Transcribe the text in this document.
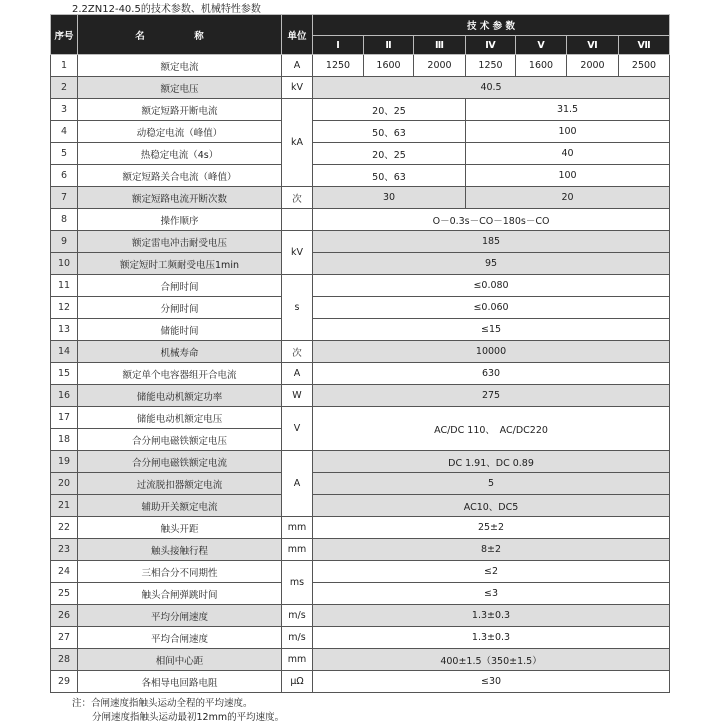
2.2ZN12-40.5的技术参数、机械特性参数
序号	名　称	单位	技 术 参 数						
			Ⅰ	Ⅱ	Ⅲ	Ⅳ	Ⅴ	Ⅵ	Ⅶ
1	额定电流	A	1250	1600	2000	1250	1600	2000	2500
2	额定电压	kV	40.5						
3	额定短路开断电流	kA	20、25			31.5			
4	动稳定电流（峰值）		50、63			100			
5	热稳定电流（4s）		20、25			40			
6	额定短路关合电流（峰值）		50、63			100			
7	额定短路电流开断次数	次	30			20			
8	操作顺序		O－0.3s－CO－180s－CO						
9	额定雷电冲击耐受电压	kV	185						
10	额定短时工频耐受电压1min		95						
11	合闸时间	s	≤0.080						
12	分闸时间		≤0.060						
13	储能时间		≤15						
14	机械寿命	次	10000						
15	额定单个电容器组开合电流	A	630						
16	储能电动机额定功率	W	275						
17	储能电动机额定电压	V	AC/DC 110、　AC/DC220						
18	合分闸电磁铁额定电压								
19	合分闸电磁铁额定电流	A	DC 1.91、DC 0.89						
20	过流脱扣器额定电流		5						
21	辅助开关额定电流		AC10、DC5						
22	触头开距	mm	25±2						
23	触头接触行程	mm	8±2						
24	三相合分不同期性	ms	≤2						
25	触头合闸弹跳时间		≤3						
26	平均分闸速度	m/s	1.3±0.3						
27	平均合闸速度	m/s	1.3±0.3						
28	相间中心距	mm	400±1.5（350±1.5）						
29	各相导电回路电阻	μΩ	≤30						
注：合闸速度指触头运动全程的平均速度。
分闸速度指触头运动最初12mm的平均速度。
